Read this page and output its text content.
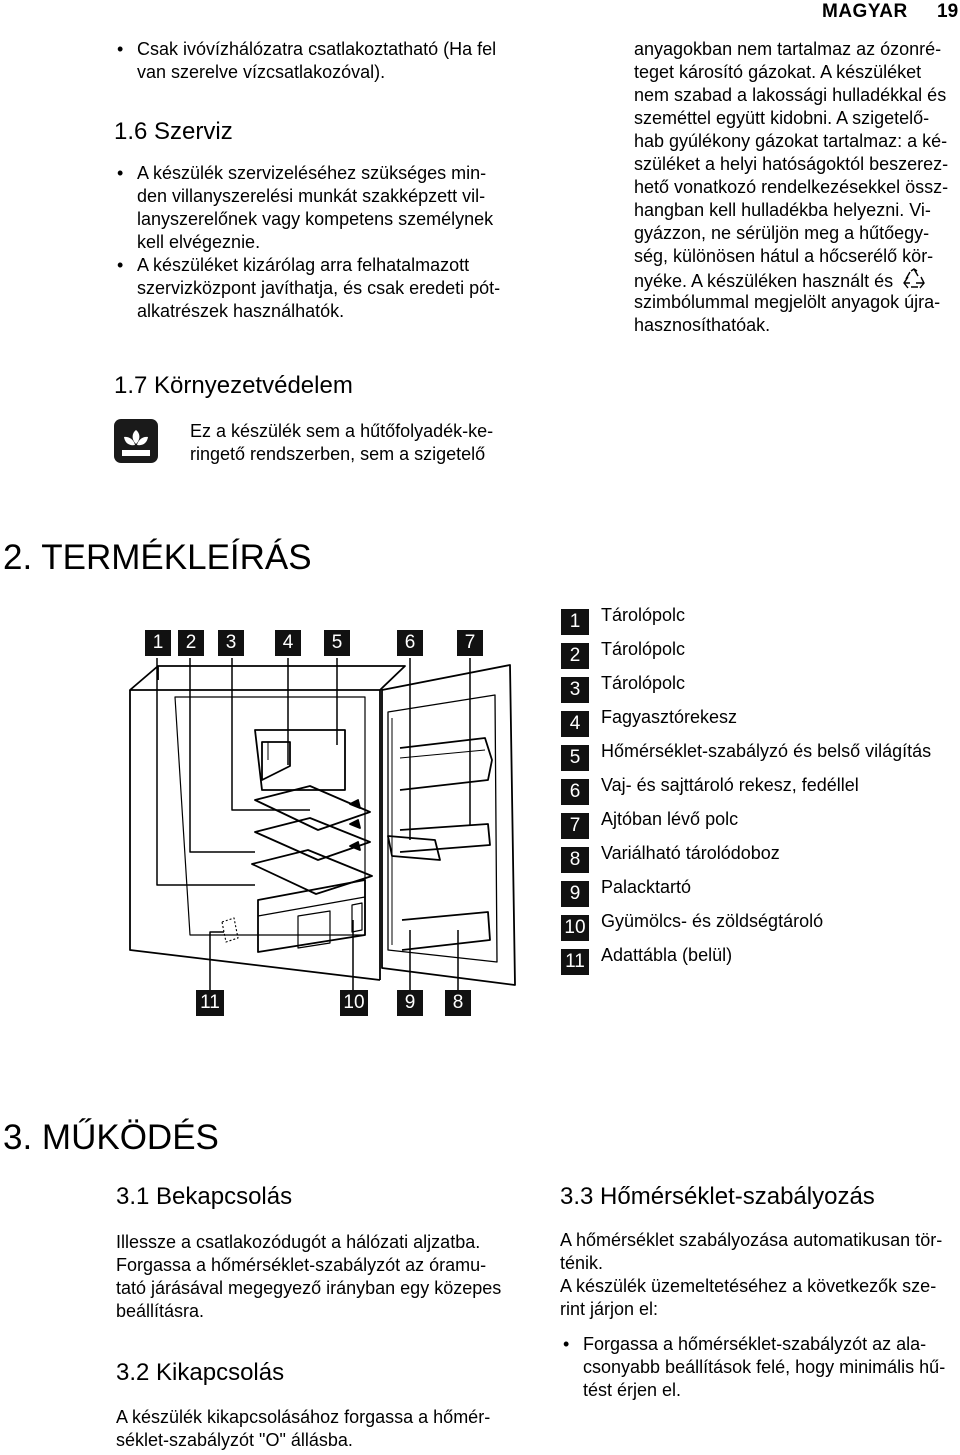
MAGYAR 19
• Csak ivóvízhálózatra csatlakoztatható (Ha fel
van szerelve vízcsatlakozóval).
1.6 Szerviz
• A készülék szervizeléséhez szükséges min-
den villanyszerelési munkát szakképzett vil-
lanyszerelőnek vagy kompetens személynek
kell elvégeznie.
• A készüléket kizárólag arra felhatalmazott
szervizközpont javíthatja, és csak eredeti pót-
alkatrészek használhatók.
1.7 Környezetvédelem
Ez a készülék sem a hűtőfolyadék-ke-
ringető rendszerben, sem a szigetelő
anyagokban nem tartalmaz az ózonré-
teget károsító gázokat. A készüléket
nem szabad a lakossági hulladékkal és
szeméttel együtt kidobni. A szigetelő-
hab gyúlékony gázokat tartalmaz: a ké-
szüléket a helyi hatóságoktól beszerez-
hető vonatkozó rendelkezésekkel össz-
hangban kell hulladékba helyezni. Vi-
gyázzon, ne sérüljön meg a hűtőegy-
ség, különösen hátul a hőcserélő kör-
nyéke. A készüléken használt és
szimbólummal megjelölt anyagok újra-
hasznosíthatóak.
2. TERMÉKLEÍRÁS
1	2	3	4	5	6	7
11	10	9	8
1	Tárolópolc
2	Tárolópolc
3	Tárolópolc
4	Fagyasztórekesz
5	Hőmérséklet-szabályzó és belső világítás
6	Vaj- és sajttároló rekesz, fedéllel
7	Ajtóban lévő polc
8	Variálható tárolódoboz
9	Palacktartó
10 Gyümölcs- és zöldségtároló
11 Adattábla (belül)
3. MŰKÖDÉS
3.1 Bekapcsolás
Illessze a csatlakozódugót a hálózati aljzatba.
Forgassa a hőmérséklet-szabályzót az óramu-
tató járásával megegyező irányban egy közepes
beállításra.
3.2 Kikapcsolás
A készülék kikapcsolásához forgassa a hőmér-
séklet-szabályzót "O" állásba.
3.3 Hőmérséklet-szabályozás
A hőmérséklet szabályozása automatikusan tör-
ténik.
A készülék üzemeltetéséhez a következők sze-
rint járjon el:
• Forgassa a hőmérséklet-szabályzót az ala-
csonyabb beállítások felé, hogy minimális hű-
tést érjen el.
